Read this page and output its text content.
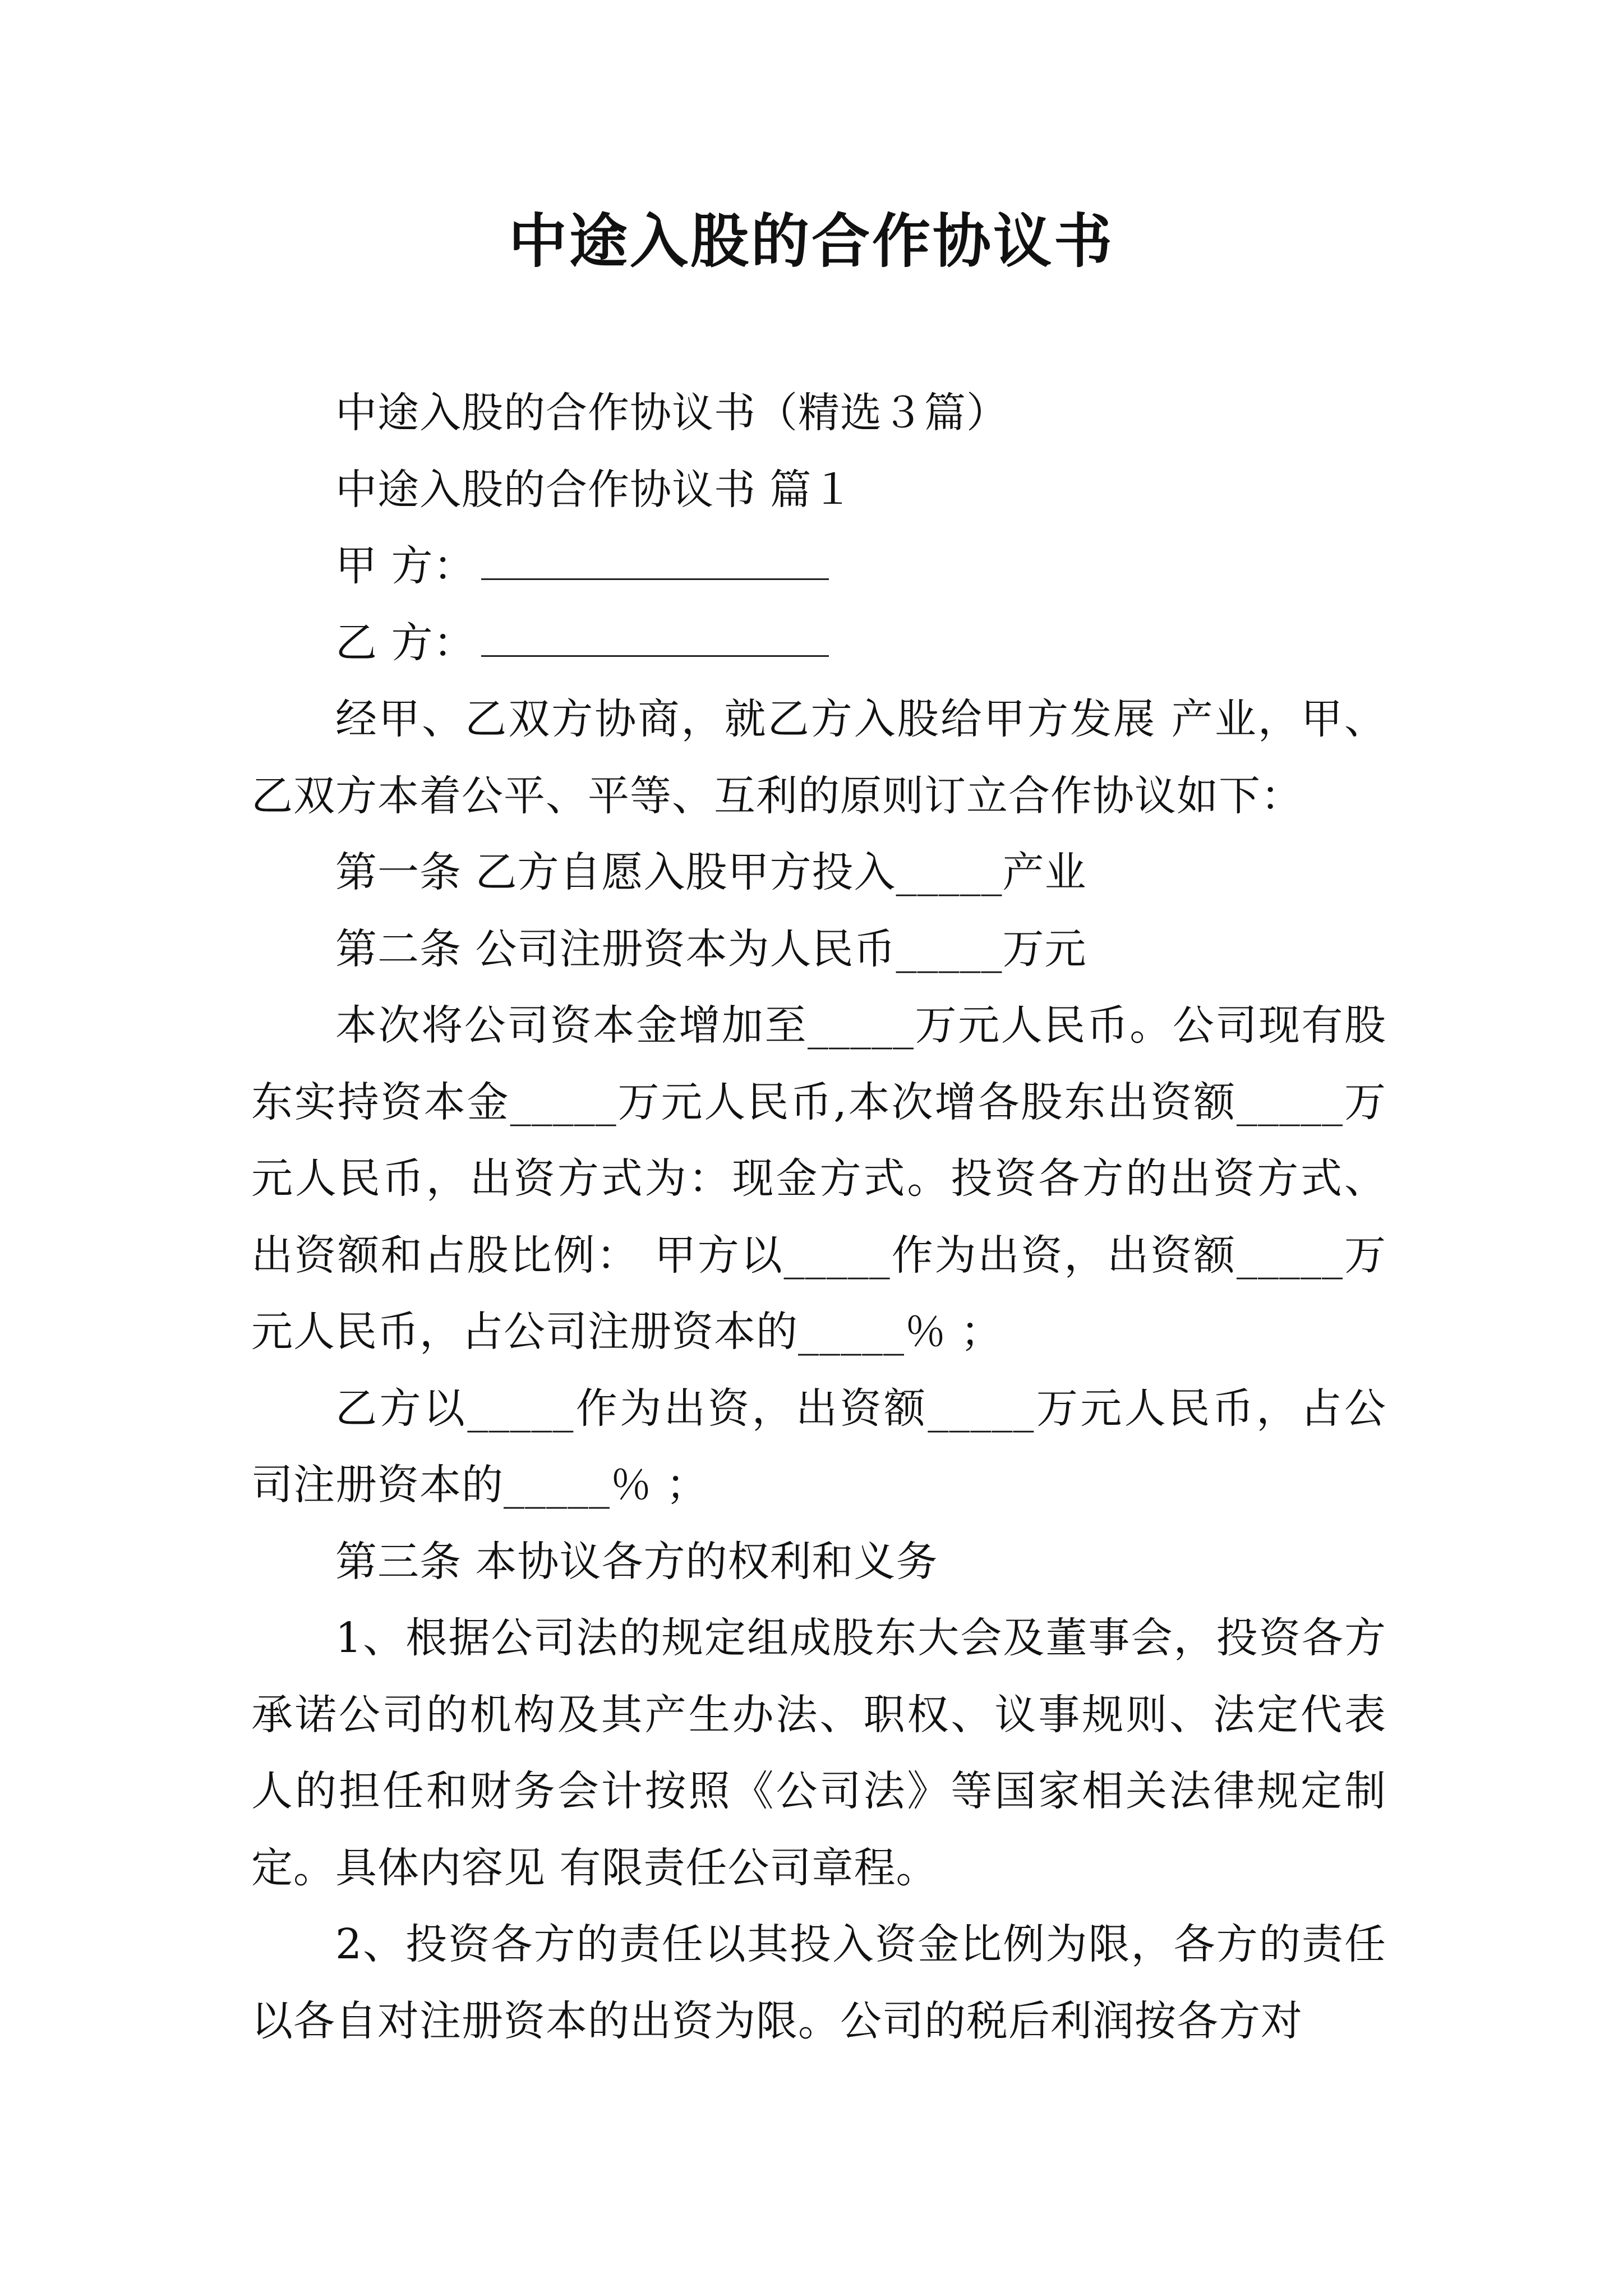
中途入股的合作协议书

中途入股的合作协议书（精选３篇）

中途入股的合作协议书 篇１

甲 方：

乙 方：

经甲、乙双方协商，就乙方入股给甲方发展 产业，甲、乙双方本着公平、平等、互利的原则订立合作协议如下：

第一条 乙方自愿入股甲方投入_____产业

第二条 公司注册资本为人民币_____万元

本次将公司资本金增加至_____万元人民币。公司现有股东实持资本金_____万元人民币,本次增各股东出资额_____万元人民币，出资方式为：现金方式。投资各方的出资方式、出资额和占股比例： 甲方以_____作为出资，出资额_____万元人民币，占公司注册资本的_____％ ；

乙方以_____作为出资，出资额_____万元人民币，占公司注册资本的_____％ ；

第三条 本协议各方的权利和义务

1、根据公司法的规定组成股东大会及董事会，投资各方承诺公司的机构及其产生办法、职权、议事规则、法定代表人的担任和财务会计按照《公司法》等国家相关法律规定制定。具体内容见 有限责任公司章程。

2、投资各方的责任以其投入资金比例为限，各方的责任以各自对注册资本的出资为限。公司的税后利润按各方对
